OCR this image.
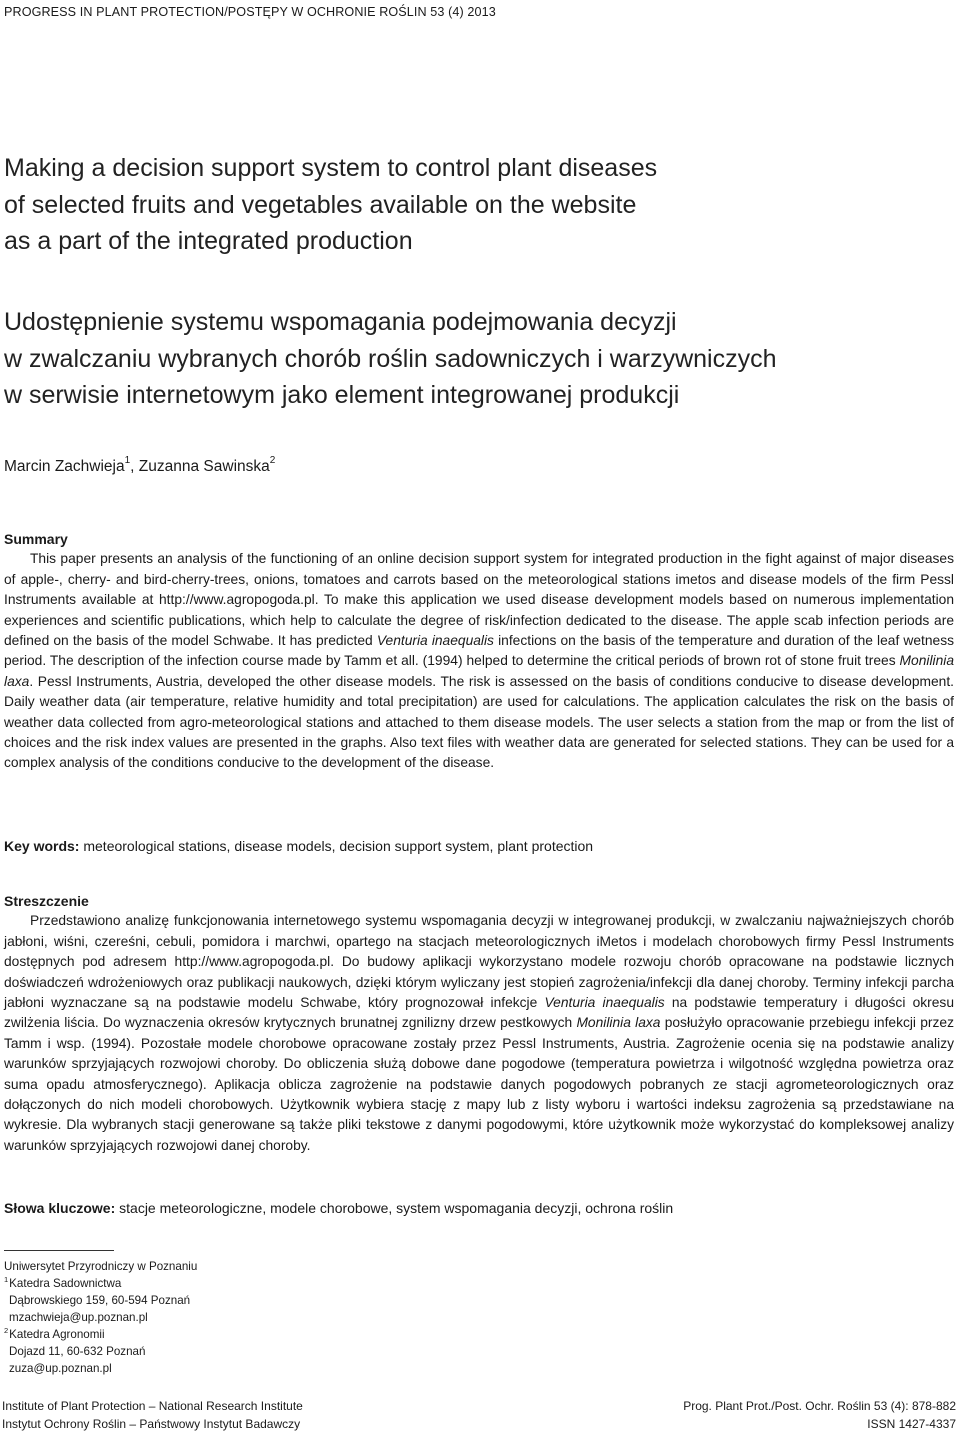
PROGRESS IN PLANT PROTECTION/POSTĘPY W OCHRONIE ROŚLIN 53 (4) 2013
Making a decision support system to control plant diseases
of selected fruits and vegetables available on the website
as a part of the integrated production
Udostępnienie systemu wspomagania podejmowania decyzji
w zwalczaniu wybranych chorób roślin sadowniczych i warzywniczych
w serwisie internetowym jako element integrowanej produkcji
Marcin Zachwieja$^1$, Zuzanna Sawinska$^2$
Summary

This paper presents an analysis of the functioning of an online decision support system for integrated production in the fight against of major diseases of apple-, cherry- and bird-cherry-trees, onions, tomatoes and carrots based on the meteorological stations imetos and disease models of the firm Pessl Instruments available at http://www.agropogoda.pl. To make this application we used disease development models based on numerous implementation experiences and scientific publications, which help to calculate the degree of risk/infection dedicated to the disease. The apple scab infection periods are defined on the basis of the model Schwabe. It has predicted Venturia inaequalis infections on the basis of the temperature and duration of the leaf wetness period. The description of the infection course made by Tamm et all. (1994) helped to determine the critical periods of brown rot of stone fruit trees Monilinia laxa. Pessl Instruments, Austria, developed the other disease models. The risk is assessed on the basis of conditions conducive to disease development. Daily weather data (air temperature, relative humidity and total precipitation) are used for calculations. The application calculates the risk on the basis of weather data collected from agro-meteorological stations and attached to them disease models. The user selects a station from the map or from the list of choices and the risk index values are presented in the graphs. Also text files with weather data are generated for selected stations. They can be used for a complex analysis of the conditions conducive to the development of the disease.

Key words: meteorological stations, disease models, decision support system, plant protection
Streszczenie

Przedstawiono analizę funkcjonowania internetowego systemu wspomagania decyzji w integrowanej produkcji, w zwalczaniu najważniejszych chorób jabłoni, wiśni, czereśni, cebuli, pomidora i marchwi, opartego na stacjach meteorologicznych iMetos i modelach chorobowych firmy Pessl Instruments dostępnych pod adresem http://www.agropogoda.pl. Do budowy aplikacji wykorzystano modele rozwoju chorób opracowane na podstawie licznych doświadczeń wdrożeniowych oraz publikacji naukowych, dzięki którym wyliczany jest stopień zagrożenia/infekcji dla danej choroby. Terminy infekcji parcha jabłoni wyznaczane są na podstawie modelu Schwabe, który prognozował infekcje Venturia inaequalis na podstawie temperatury i długości okresu zwilżenia liścia. Do wyznaczenia okresów krytycznych brunatnej zgnilizny drzew pestkowych Monilinia laxa posłużyło opracowanie przebiegu infekcji przez Tamm i wsp. (1994). Pozostałe modele chorobowe opracowane zostały przez Pessl Instruments, Austria. Zagrożenie ocenia się na podstawie analizy warunków sprzyjających rozwojowi choroby. Do obliczenia służą dobowe dane pogodowe (temperatura powietrza i wilgotność względna powietrza oraz suma opadu atmosferycznego). Aplikacja oblicza zagrożenie na podstawie danych pogodowych pobranych ze stacji agrometeorologicznych oraz dołączonych do nich modeli chorobowych. Użytkownik wybiera stację z mapy lub z listy wyboru i wartości indeksu zagrożenia są przedstawiane na wykresie. Dla wybranych stacji generowane są także pliki tekstowe z danymi pogodowymi, które użytkownik może wykorzystać do kompleksowej analizy warunków sprzyjających rozwojowi danej choroby.

Słowa kluczowe: stacje meteorologiczne, modele chorobowe, system wspomagania decyzji, ochrona roślin
Uniwersytet Przyrodniczy w Poznaniu
$^1$Katedra Sadownictwa
Dąbrowskiego 159, 60-594 Poznań
mzachwieja@up.poznan.pl
$^2$Katedra Agronomii
Dojazd 11, 60-632 Poznań
zuza@up.poznan.pl
Institute of Plant Protection – National Research Institute
Instytut Ochrony Roślin – Państwowy Instytut Badawczy
Prog. Plant Prot./Post. Ochr. Roślin 53 (4): 878-882
ISSN 1427-4337
